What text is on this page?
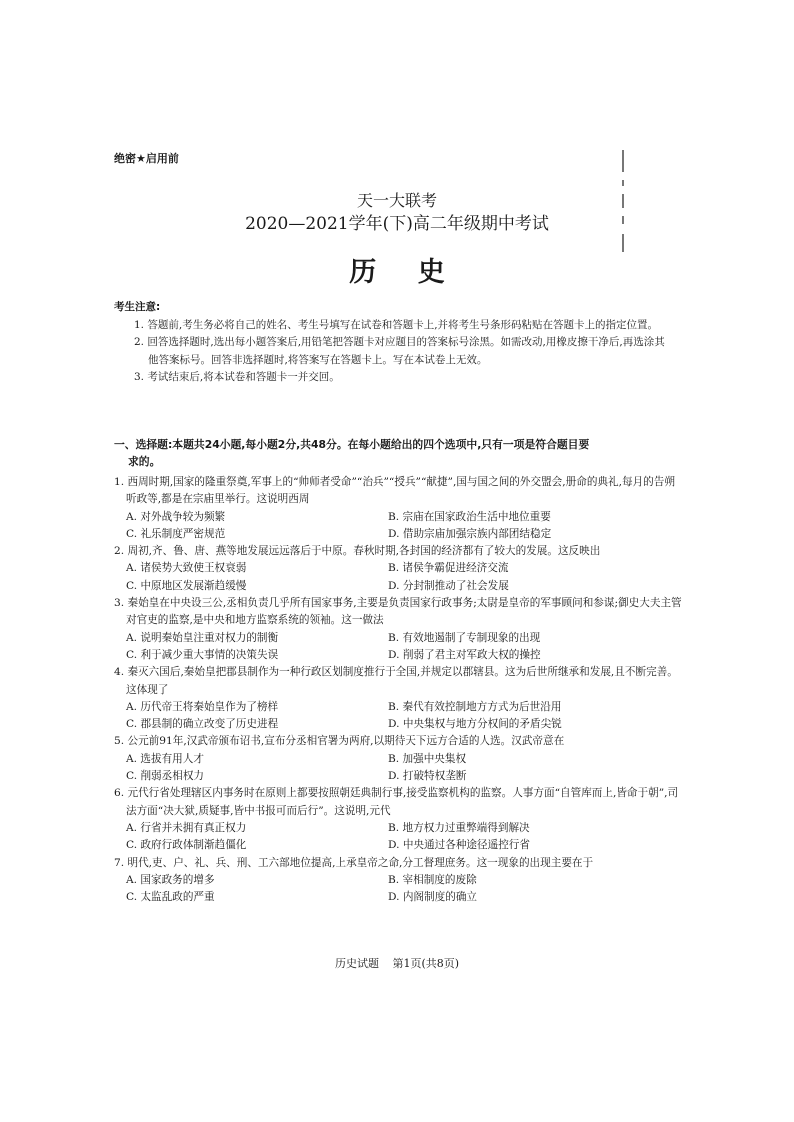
绝密★启用前
天一大联考
2020—2021学年(下)高二年级期中考试
历 史
考生注意:
1. 答题前,考生务必将自己的姓名、考生号填写在试卷和答题卡上,并将考生号条形码粘贴在答题卡上的指定位置。
2. 回答选择题时,选出每小题答案后,用铅笔把答题卡对应题目的答案标号涂黑。如需改动,用橡皮擦干净后,再选涂其他答案标号。回答非选择题时,将答案写在答题卡上。写在本试卷上无效。
3. 考试结束后,将本试卷和答题卡一并交回。
一、选择题:本题共24小题,每小题2分,共48分。在每小题给出的四个选项中,只有一项是符合题目要
求的。
1. 西周时期,国家的隆重祭奠,军事上的“帅师者受命”“治兵”“授兵”“献捷”,国与国之间的外交盟会,册命的典礼,每月的告朔听政等,都是在宗庙里举行。这说明西周
A. 对外战争较为频繁	B. 宗庙在国家政治生活中地位重要
C. 礼乐制度严密规范	D. 借助宗庙加强宗族内部团结稳定
2. 周初,齐、鲁、唐、燕等地发展远远落后于中原。春秋时期,各封国的经济都有了较大的发展。这反映出
A. 诸侯势大致使王权衰弱	B. 诸侯争霸促进经济交流
C. 中原地区发展渐趋缓慢	D. 分封制推动了社会发展
3. 秦始皇在中央设三公,丞相负责几乎所有国家事务,主要是负责国家行政事务;太尉是皇帝的军事顾问和参谋;御史大夫主管对官吏的监察,是中央和地方监察系统的领袖。这一做法
A. 说明秦始皇注重对权力的制衡	B. 有效地遏制了专制现象的出现
C. 利于减少重大事情的决策失误	D. 削弱了君主对军政大权的操控
4. 秦灭六国后,秦始皇把郡县制作为一种行政区划制度推行于全国,并规定以郡辖县。这为后世所继承和发展,且不断完善。这体现了
A. 历代帝王将秦始皇作为了榜样	B. 秦代有效控制地方方式为后世沿用
C. 郡县制的确立改变了历史进程	D. 中央集权与地方分权间的矛盾尖锐
5. 公元前91年,汉武帝颁布诏书,宣布分丞相官署为两府,以期待天下远方合适的人选。汉武帝意在
A. 选拔有用人才	B. 加强中央集权
C. 削弱丞相权力	D. 打破特权垄断
6. 元代行省处理辖区内事务时在原则上都要按照朝廷典制行事,接受监察机构的监察。人事方面“自管库而上,皆命于朝”,司法方面“决大狱,质疑事,皆中书报可而后行”。这说明,元代
A. 行省并未拥有真正权力	B. 地方权力过重弊端得到解决
C. 政府行政体制渐趋僵化	D. 中央通过各种途径遥控行省
7. 明代,吏、户、礼、兵、刑、工六部地位提高,上承皇帝之命,分工督理庶务。这一现象的出现主要在于
A. 国家政务的增多	B. 宰相制度的废除
C. 太监乱政的严重	D. 内阁制度的确立
历史试题 第1页(共8页)
